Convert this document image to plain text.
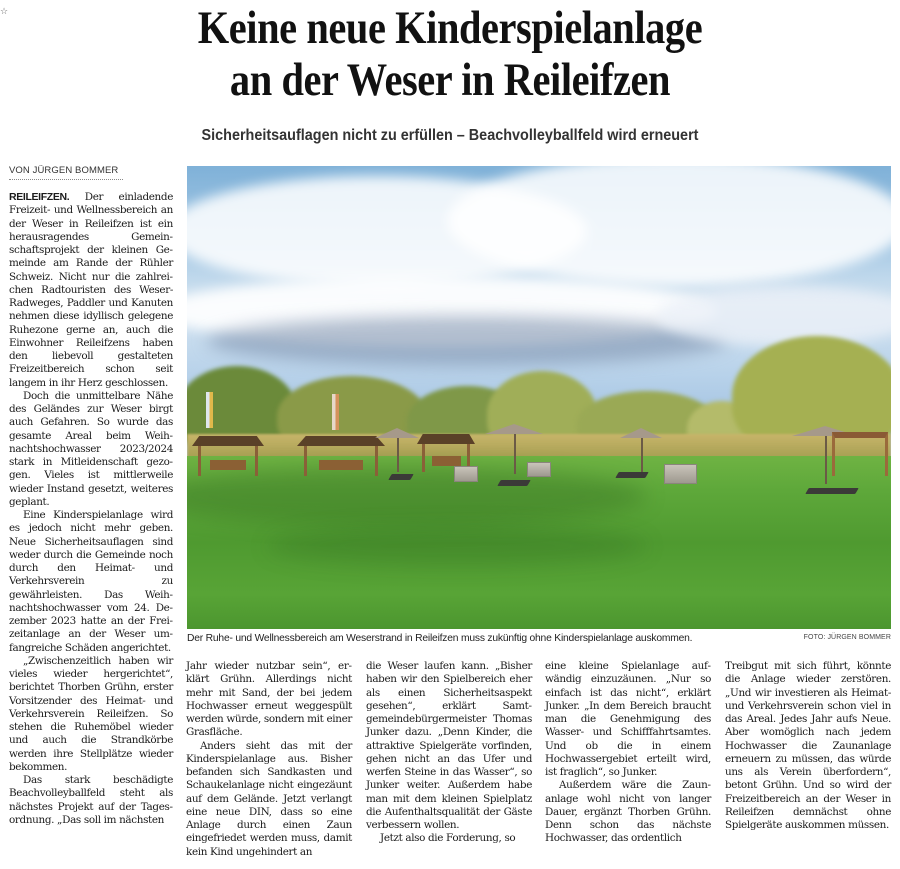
☆	Keine neue Kinderspielanlage
an der Weser in Reileifzen
Sicherheitsauflagen nicht zu erfüllen – Beachvolleyballfeld wird erneuert
VON JÜRGEN BOMMER

REILEIFZEN. Der einladende Freizeit- und Wellnessbereich an der Weser in Reileifzen ist ein herausragendes Gemeinschaftsprojekt der kleinen Gemeinde am Rande der Rühler Schweiz. Nicht nur die zahlreichen Radtouristen des Weser-Radweges, Paddler und Kanuten nehmen diese idyllisch gelegene Ruhezone gerne an, auch die Einwohner Reileifzens haben den liebevoll gestalteten Freizeitbereich schon seit langem in ihr Herz geschlossen.

Doch die unmittelbare Nähe des Geländes zur Weser birgt auch Gefahren. So wurde das gesamte Areal beim Weihnachtshochwasser 2023/2024 stark in Mitleidenschaft gezogen. Vieles ist mittlerweile wieder Instand gesetzt, weiteres geplant.

Eine Kinderspielanlage wird es jedoch nicht mehr geben. Neue Sicherheitsauflagen sind weder durch die Gemeinde noch durch den Heimat- und Verkehrsverein zu gewährleisten. Das Weihnachtshochwasser vom 24. Dezember 2023 hatte an der Freizeitanlage an der Weser umfangreiche Schäden angerichtet.

„Zwischenzeitlich haben wir vieles wieder hergerichtet“, berichtet Thorben Grühn, erster Vorsitzender des Heimat- und Verkehrsverein Reileifzen. So stehen die Ruhemöbel wieder und auch die Strandkörbe werden ihre Stellplätze wieder bekommen.

Das stark beschädigte Beachvolleyballfeld steht als nächstes Projekt auf der Tagesordnung. „Das soll im nächsten

Der Ruhe- und Wellnessbereich am Weserstrand in Reileifzen muss zukünftig ohne Kinderspielanlage auskommen.	FOTO: JÜRGEN BOMMER

Jahr wieder nutzbar sein“, erklärt Grühn. Allerdings nicht mehr mit Sand, der bei jedem Hochwasser erneut weggespült werden würde, sondern mit einer Grasfläche.

Anders sieht das mit der Kinderspielanlage aus. Bisher befanden sich Sandkasten und Schaukelanlage nicht eingezäunt auf dem Gelände. Jetzt verlangt eine neue DIN, dass so eine Anlage durch einen Zaun eingefriedet werden muss, damit kein Kind ungehindert an

die Weser laufen kann. „Bisher haben wir den Spielbereich eher als einen Sicherheitsaspekt gesehen“, erklärt Samtgemeindebürgermeister Thomas Junker dazu. „Denn Kinder, die attraktive Spielgeräte vorfinden, gehen nicht an das Ufer und werfen Steine in das Wasser“, so Junker weiter. Außerdem habe man mit dem kleinen Spielplatz die Aufenthaltsqualität der Gäste verbessern wollen.

Jetzt also die Forderung, so

eine kleine Spielanlage aufwändig einzuzäunen. „Nur so einfach ist das nicht“, erklärt Junker. „In dem Bereich braucht man die Genehmigung des Wasser- und Schifffahrtsamtes. Und ob die in einem Hochwassergebiet erteilt wird, ist fraglich“, so Junker.

Außerdem wäre die Zaunanlage wohl nicht von langer Dauer, ergänzt Thorben Grühn. Denn schon das nächste Hochwasser, das ordentlich

Treibgut mit sich führt, könnte die Anlage wieder zerstören. „Und wir investieren als Heimat- und Verkehrsverein schon viel in das Areal. Jedes Jahr aufs Neue. Aber womöglich nach jedem Hochwasser die Zaunanlage erneuern zu müssen, das würde uns als Verein überfordern“, betont Grühn. Und so wird der Freizeitbereich an der Weser in Reileifzen demnächst ohne Spielgeräte auskommen müssen.
